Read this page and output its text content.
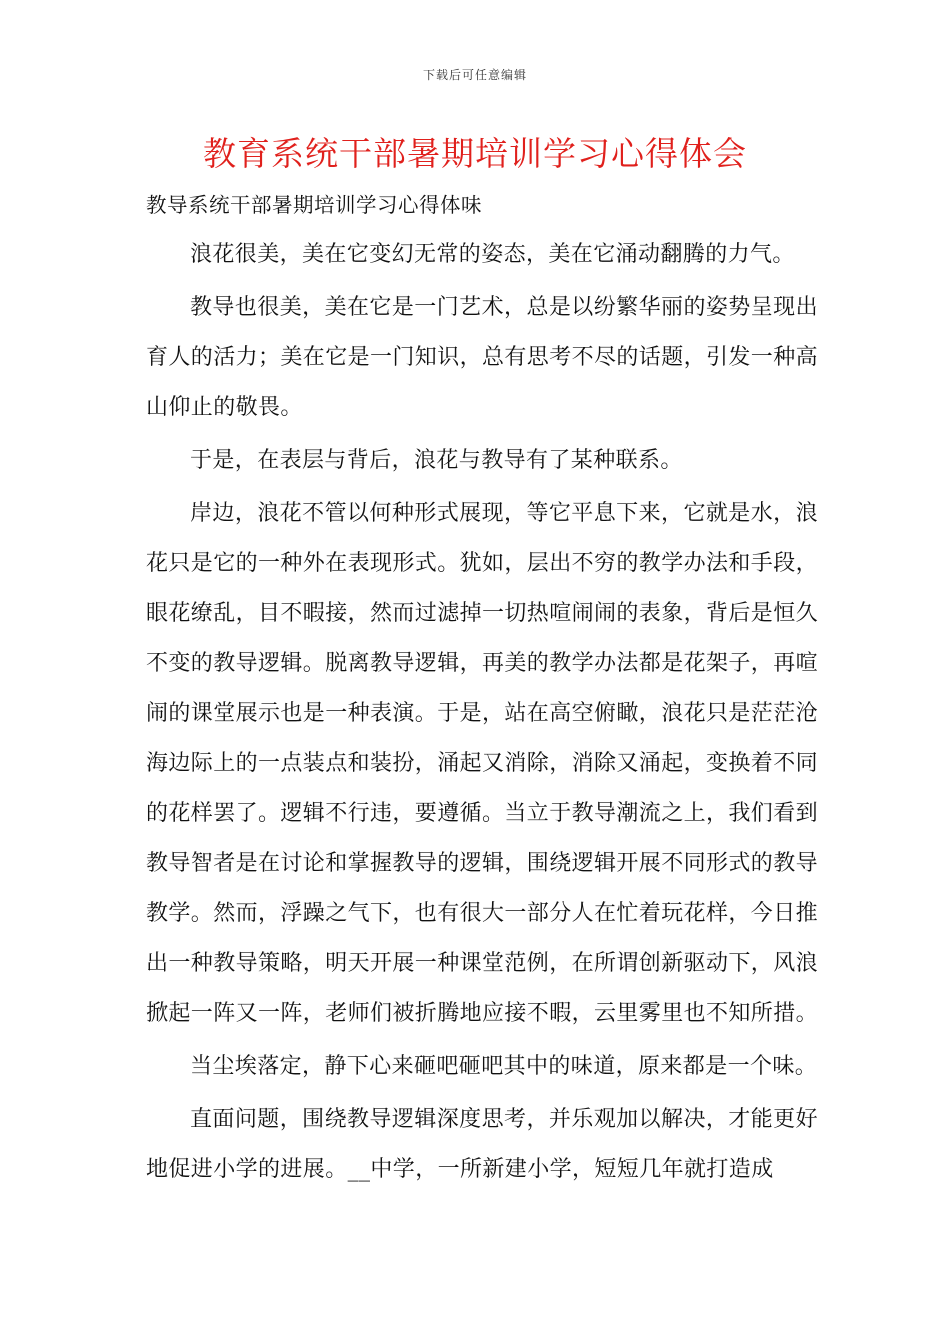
下载后可任意编辑
教育系统干部暑期培训学习心得体会
教导系统干部暑期培训学习心得体味

浪花很美，美在它变幻无常的姿态，美在它涌动翻腾的力气。

教导也很美，美在它是一门艺术，总是以纷繁华丽的姿势呈现出育人的活力；美在它是一门知识，总有思考不尽的话题，引发一种高山仰止的敬畏。

于是，在表层与背后，浪花与教导有了某种联系。

岸边，浪花不管以何种形式展现，等它平息下来，它就是水，浪花只是它的一种外在表现形式。犹如，层出不穷的教学办法和手段，眼花缭乱，目不暇接，然而过滤掉一切热喧闹闹的表象，背后是恒久不变的教导逻辑。脱离教导逻辑，再美的教学办法都是花架子，再喧闹的课堂展示也是一种表演。于是，站在高空俯瞰，浪花只是茫茫沧海边际上的一点装点和装扮，涌起又消除，消除又涌起，变换着不同的花样罢了。逻辑不行违，要遵循。当立于教导潮流之上，我们看到教导智者是在讨论和掌握教导的逻辑，围绕逻辑开展不同形式的教导教学。然而，浮躁之气下，也有很大一部分人在忙着玩花样，今日推出一种教导策略，明天开展一种课堂范例，在所谓创新驱动下，风浪掀起一阵又一阵，老师们被折腾地应接不暇，云里雾里也不知所措。

当尘埃落定，静下心来砸吧砸吧其中的味道，原来都是一个味。

直面问题，围绕教导逻辑深度思考，并乐观加以解决，才能更好地促进小学的进展。__中学，一所新建小学，短短几年就打造成
